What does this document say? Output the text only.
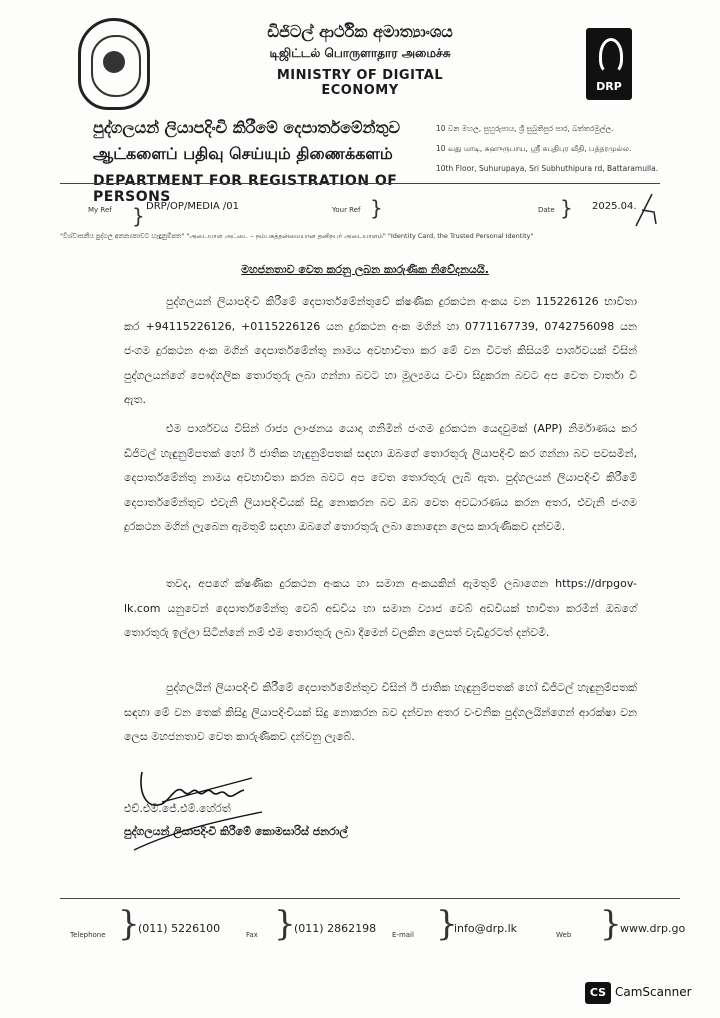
ඩිජිටල් ආර්ථික අමාත්‍යාංශය
டிஜிட்டல் பொருளாதார அமைச்சு
MINISTRY OF DIGITAL ECONOMY	DRP
පුද්ගලයන් ලියාපදිංචි කිරීමේ දෙපාර්තමේන්තුව
ஆட்களைப் பதிவு செய்யும் திணைக்களம்
DEPARTMENT FOR REGISTRATION OF PERSONS
10 වන මහල, සුහුරුපාය, ශ්‍රී සුබුතිපුර පාර, බත්තරමුල්ල.
10 வது மாடி, சுஹுருபாய, ஶ்ரீ சுபுதிபுர வீதி, பத்தரமுல்ல.
10th Floor, Suhurupaya, Sri Subhuthipura rd, Battaramulla.
My Ref } DRP/OP/MEDIA /01	Your Ref }	Date } 2025.04.
"විශ්වාසනීය පුද්ගල අනන්‍යතාවට හැඳුනුම්පත" "அடையாள அட்டை – நம்பகத்தன்மையான தனிநபர் அடையாளம்" "Identity Card, the Trusted Personal Identity"
මහජනතාව වෙත කරනු ලබන කාරුණික නිවේදනයයි.
පුද්ගලයන් ලියාපදිංචි කිරීමේ දෙපාර්තමේන්තුවේ ක්ෂණික දුරකථන අංකය වන 115226126 භාවිතා කර +94115226126, +0115226126 යන දුරකථන අංක මගින් හා 0771167739, 0742756098 යන ජංගම දුරකථන අංක මගින් දෙපාර්තමේන්තු නාමය අවභාවිතා කර මේ වන විටත් කිසියම් පාර්ශවයක් විසින් පුද්ගලයන්ගේ පෞද්ගලික තොරතුරු ලබා ගන්නා බවට හා මූල්‍යමය වංචා සිදුකරන බවට අප වෙත වාර්තා වී ඇත.
එම පාර්ශවය විසින් රාජ්‍ය ලාංඡනය යොදා ගනිමින් ජංගම දුරකථන යෙදවුමක් (APP) නිර්මාණය කර ඩිජිටල් හැඳුනුම්පතක් හෝ ඊ ජාතික හැඳුනුම්පතක් සඳහා ඔබගේ තොරතුරු ලියාපදිංචි කර ගන්නා බව පවසමින්, දෙපාර්තමේන්තු නාමය අවභාවිතා කරන බවට අප වෙත තොරතුරු ලැබී ඇත. පුද්ගලයන් ලියාපදිංචි කිරීමේ දෙපාර්තමේන්තුව එවැනි ලියාපදිංචියක් සිදු නොකරන බව ඔබ වෙත අවධාරණය කරන අතර, එවැනි ජංගම දුරකථන මගින් ලැබෙන ඇමතුම් සඳහා ඔබගේ තොරතුරු ලබා නොදෙන ලෙස කාරුණිකව දන්වමි.
තවද, අපගේ ක්ෂණික දුරකථන අංකය හා සමාන අංකයකින් ඇමතුම් ලබාගෙන https://drpgov-lk.com යනුවෙන් දෙපාර්තමේන්තු වෙබ් අඩවිය හා සමාන ව්‍යාජ වෙබ් අඩවියක් භාවිතා කරමින් ඔබගේ තොරතුරු ඉල්ලා සිටින්නේ නම් එම තොරතුරු ලබා දීමෙන් වලකින ලෙසත් වැඩිදුරටත් දන්වමි.
පුද්ගලයින් ලියාපදිංචි කිරීමේ දෙපාර්තමේන්තුව විසින් ඊ ජාතික හැඳුනුම්පතක් හෝ ඩිජිටල් හැඳුනුම්පතක් සඳහා මේ වන තෙක් කිසිදු ලියාපදිංචියක් සිදු නොකරන බව දන්වන අතර වංචනික පුද්ගලයින්ගෙන් ආරක්ෂා වන ලෙස මහජනතාව වෙත කාරුණිකව දන්වනු ලැබේ.
එච්.එම්.ජේ.එම්.හේරත්
පුද්ගලයන් ලියාපදිංචි කිරීමේ කොමසාරිස් ජනරාල්
Telephone }
(011) 5226100	Fax }
(011) 2862198 E-mail }
info@drp.lk	Web }
www.drp.go
CS CamScanner
